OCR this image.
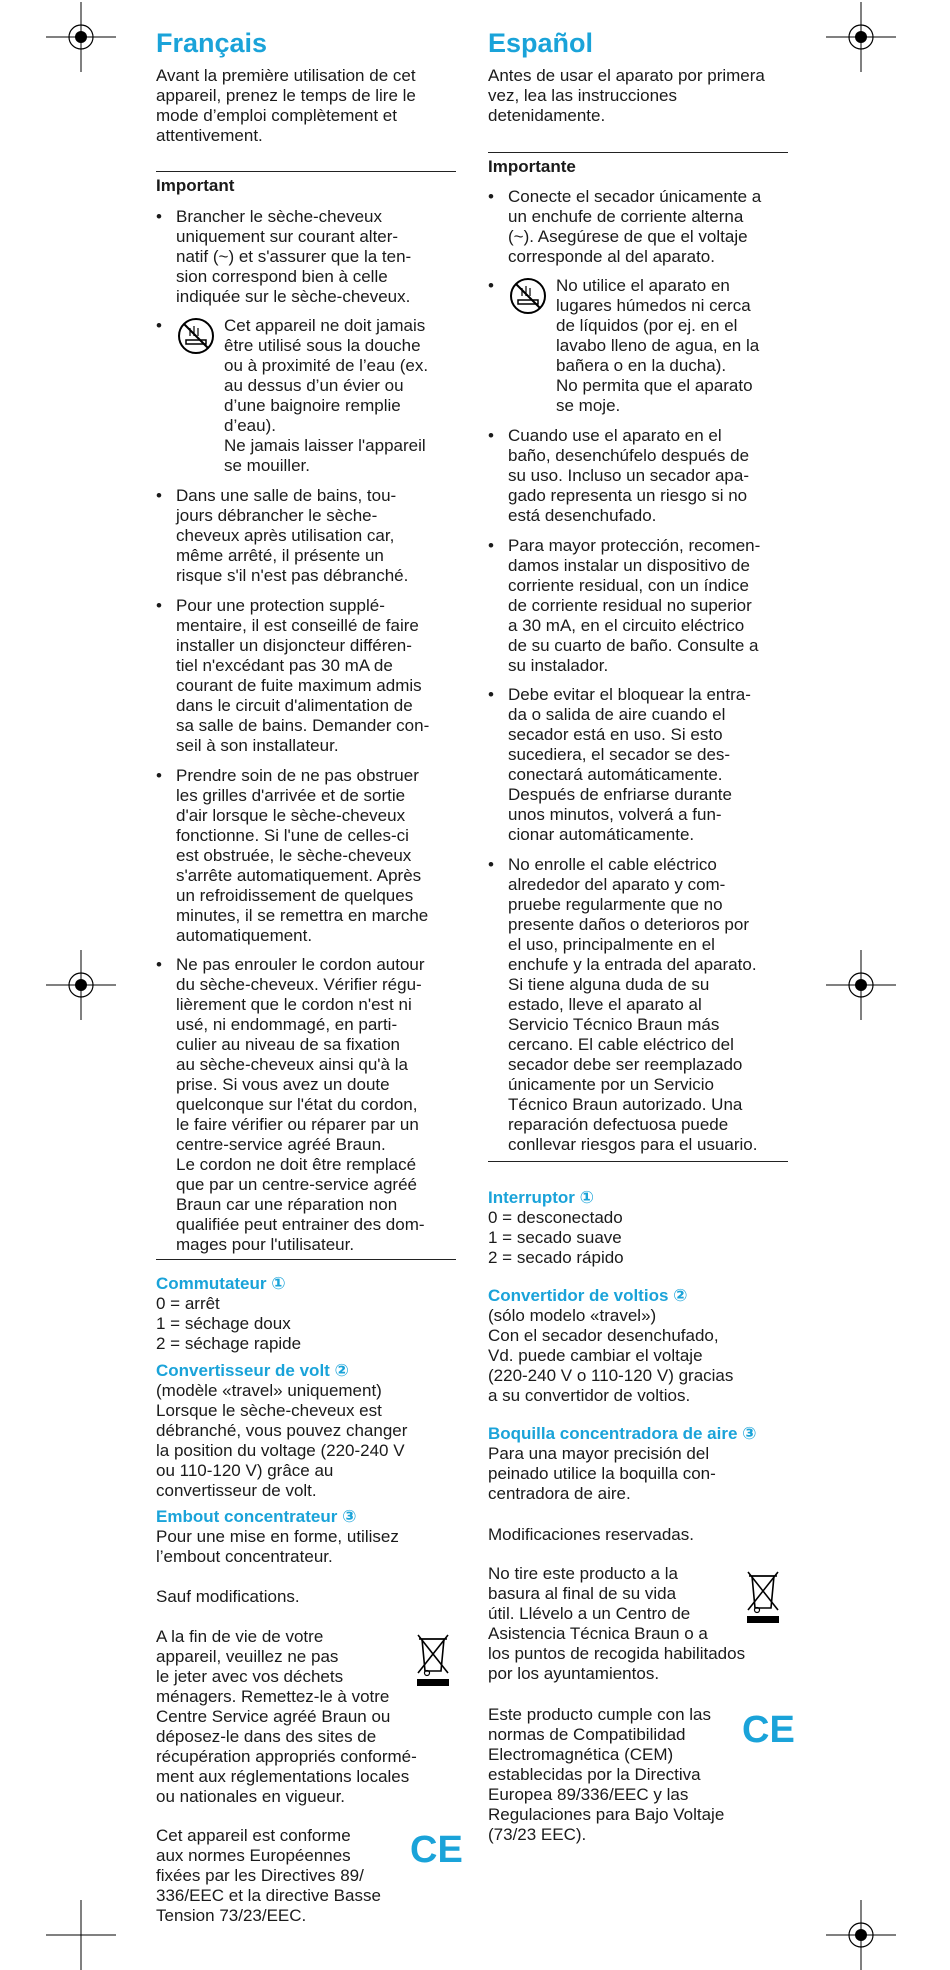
Français

Avant la première utilisation de cet appareil, prenez le temps de lire le mode d’emploi complètement et attentivement.

Important

• Brancher le sèche-cheveux
uniquement sur courant alter-
natif (~) et s'assurer que la ten-
sion correspond bien à celle
indiquée sur le sèche-cheveux.
•	Cet appareil ne doit jamais
être utilisé sous la douche
ou à proximité de l’eau (ex.
au dessus d’un évier ou
d’une baignoire remplie
d’eau).
Ne jamais laisser l'appareil
se mouiller.
• Dans une salle de bains, tou-
jours débrancher le sèche-
cheveux après utilisation car,
même arrêté, il présente un
risque s'il n'est pas débranché.
• Pour une protection supplé-
mentaire, il est conseillé de faire
installer un disjoncteur différen-
tiel n'excédant pas 30 mA de
courant de fuite maximum admis
dans le circuit d'alimentation de
sa salle de bains. Demander con-
seil à son installateur.
• Prendre soin de ne pas obstruer
les grilles d'arrivée et de sortie
d'air lorsque le sèche-cheveux
fonctionne. Si l'une de celles-ci
est obstruée, le sèche-cheveux
s'arrête automatiquement. Après
un refroidissement de quelques
minutes, il se remettra en marche
automatiquement.
• Ne pas enrouler le cordon autour
du sèche-cheveux. Vérifier régu-
lièrement que le cordon n'est ni
usé, ni endommagé, en parti-
culier au niveau de sa fixation
au sèche-cheveux ainsi qu'à la
prise. Si vous avez un doute
quelconque sur l'état du cordon,
le faire vérifier ou réparer par un
centre-service agréé Braun.
Le cordon ne doit être remplacé
que par un centre-service agréé
Braun car une réparation non
qualifiée peut entrainer des dom-
mages pour l'utilisateur.

Commutateur ①

0 = arrêt
1 = séchage doux
2 = séchage rapide

Convertisseur de volt ②

(modèle «travel» uniquement)
Lorsque le sèche-cheveux est
débranché, vous pouvez changer
la position du voltage (220-240 V
ou 110-120 V) grâce au
convertisseur de volt.

Embout concentrateur ③

Pour une mise en forme, utilisez
l’embout concentrateur.

Sauf modifications.

A la fin de vie de votre
appareil, veuillez ne pas
le jeter avec vos déchets
ménagers. Remettez-le à votre
Centre Service agréé Braun ou
déposez-le dans des sites de
récupération appropriés conformé-
ment aux réglementations locales
ou nationales en vigueur.

Cet appareil est conforme
aux normes Européennes
fixées par les Directives 89/
336/EEC et la directive Basse
Tension 73/23/EEC.

CE
Español

Antes de usar el aparato por primera vez, lea las instrucciones detenidamente.

Importante

• Conecte el secador únicamente a
un enchufe de corriente alterna
(~). Asegúrese de que el voltaje
corresponde al del aparato.
•	No utilice el aparato en
lugares húmedos ni cerca
de líquidos (por ej. en el
lavabo lleno de agua, en la
bañera o en la ducha).
No permita que el aparato
se moje.
• Cuando use el aparato en el
baño, desenchúfelo después de
su uso. Incluso un secador apa-
gado representa un riesgo si no
está desenchufado.
• Para mayor protección, recomen-
damos instalar un dispositivo de
corriente residual, con un índice
de corriente residual no superior
a 30 mA, en el circuito eléctrico
de su cuarto de baño. Consulte a
su instalador.
• Debe evitar el bloquear la entra-
da o salida de aire cuando el
secador está en uso. Si esto
sucediera, el secador se des-
conectará automáticamente.
Después de enfriarse durante
unos minutos, volverá a fun-
cionar automáticamente.
• No enrolle el cable eléctrico
alrededor del aparato y com-
pruebe regularmente que no
presente daños o deterioros por
el uso, principalmente en el
enchufe y la entrada del aparato.
Si tiene alguna duda de su
estado, lleve el aparato al
Servicio Técnico Braun más
cercano. El cable eléctrico del
secador debe ser reemplazado
únicamente por un Servicio
Técnico Braun autorizado. Una
reparación defectuosa puede
conllevar riesgos para el usuario.

Interruptor ①

0 = desconectado
1 = secado suave
2 = secado rápido

Convertidor de voltios ②

(sólo modelo «travel»)
Con el secador desenchufado,
Vd. puede cambiar el voltaje
(220-240 V o 110-120 V) gracias
a su convertidor de voltios.

Boquilla concentradora de aire ③

Para una mayor precisión del
peinado utilice la boquilla con-
centradora de aire.

Modificaciones reservadas.

No tire este producto a la
basura al final de su vida
útil. Llévelo a un Centro de
Asistencia Técnica Braun o a
los puntos de recogida habilitados
por los ayuntamientos.

Este producto cumple con las
normas de Compatibilidad
Electromagnética (CEM)
establecidas por la Directiva
Europea 89/336/EEC y las
Regulaciones para Bajo Voltaje
(73/23 EEC).

CE
